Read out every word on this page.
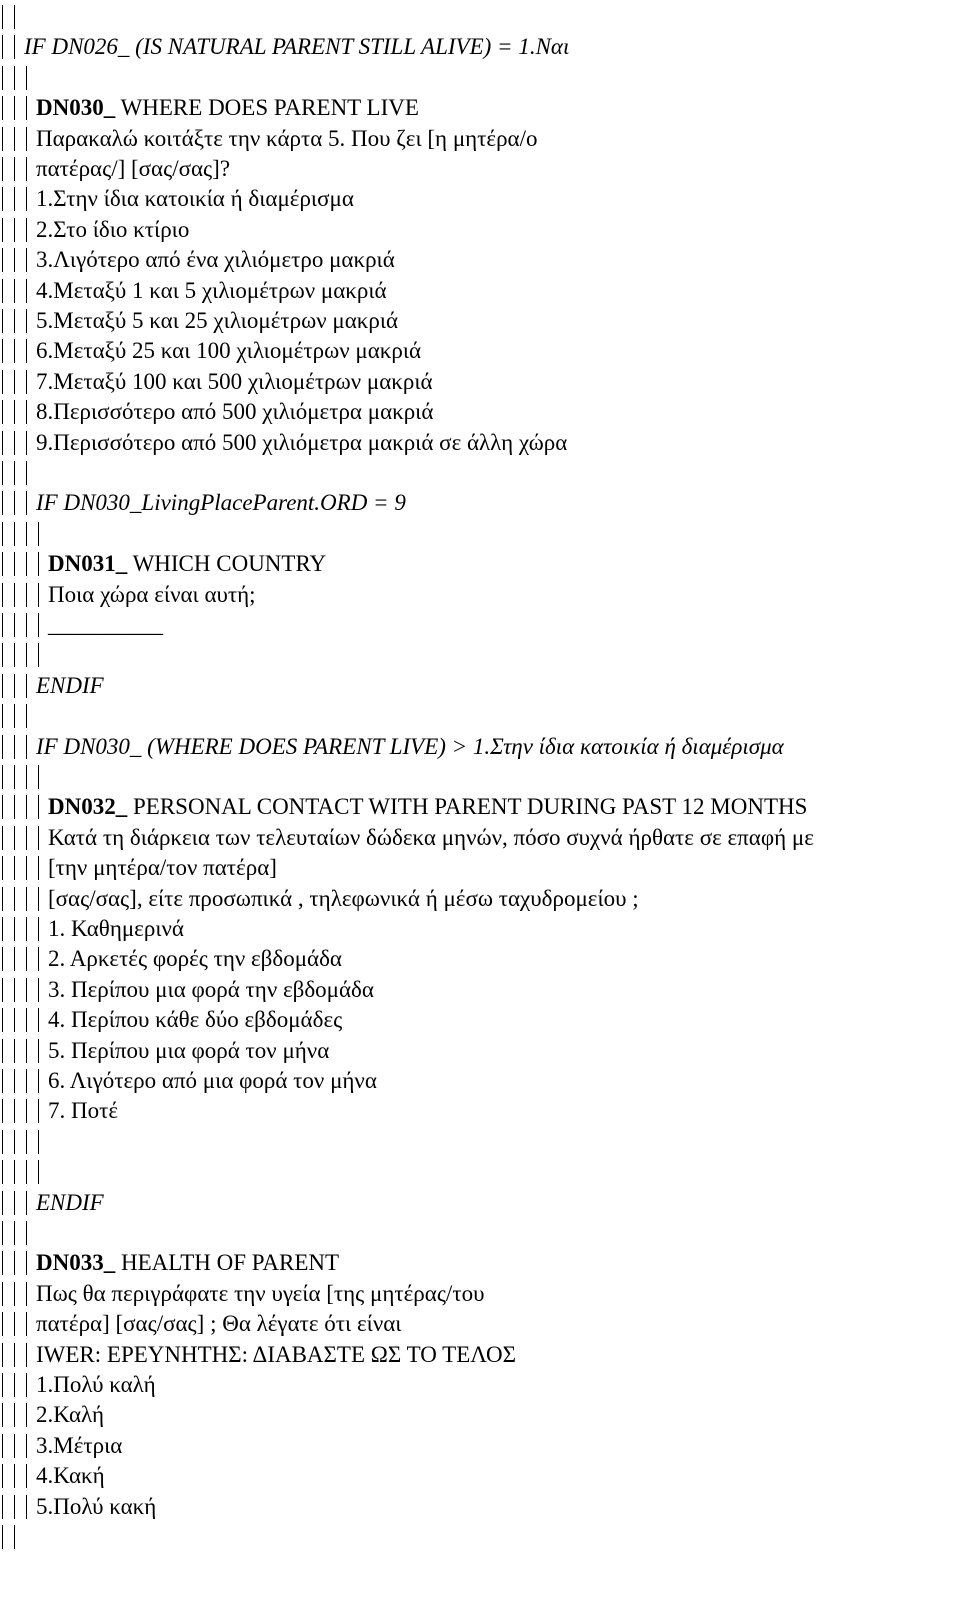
IF DN026_ (IS NATURAL PARENT STILL ALIVE) = 1.Ναι
DN030_ WHERE DOES PARENT LIVE
Παρακαλώ κοιτάξτε την κάρτα 5. Που ζει [η μητέρα/ο
πατέρας/] [σας/σας]?
1.Στην ίδια κατοικία ή διαμέρισμα
2.Στο ίδιο κτίριο
3.Λιγότερο από ένα χιλιόμετρο μακριά
4.Μεταξύ 1 και 5 χιλιομέτρων μακριά
5.Μεταξύ 5 και 25 χιλιομέτρων μακριά
6.Μεταξύ 25 και 100 χιλιομέτρων μακριά
7.Μεταξύ 100 και 500 χιλιομέτρων μακριά
8.Περισσότερο από 500 χιλιόμετρα μακριά
9.Περισσότερο από 500 χιλιόμετρα μακριά σε άλλη χώρα
IF DN030_LivingPlaceParent.ORD = 9
DN031_ WHICH COUNTRY
Ποια χώρα είναι αυτή;
__________
ENDIF
IF DN030_ (WHERE DOES PARENT LIVE) > 1.Στην ίδια κατοικία ή διαμέρισμα
DN032_ PERSONAL CONTACT WITH PARENT DURING PAST 12 MONTHS
Κατά τη διάρκεια των τελευταίων δώδεκα μηνών, πόσο συχνά ήρθατε σε επαφή με
[την μητέρα/τον πατέρα]
[σας/σας], είτε προσωπικά , τηλεφωνικά ή μέσω ταχυδρομείου ;
1. Καθημερινά
2. Αρκετές φορές την εβδομάδα
3. Περίπου μια φορά την εβδομάδα
4. Περίπου κάθε δύο εβδομάδες
5. Περίπου μια φορά τον μήνα
6. Λιγότερο από μια φορά τον μήνα
7. Ποτέ
ENDIF
DN033_ HEALTH OF PARENT
Πως θα περιγράφατε την υγεία [της μητέρας/του
πατέρα] [σας/σας] ; Θα λέγατε ότι είναι
IWER: ΕΡΕΥΝΗΤΗΣ: ΔΙΑΒΑΣΤΕ ΩΣ ΤΟ ΤΕΛΟΣ
1.Πολύ καλή
2.Καλή
3.Μέτρια
4.Κακή
5.Πολύ κακή
